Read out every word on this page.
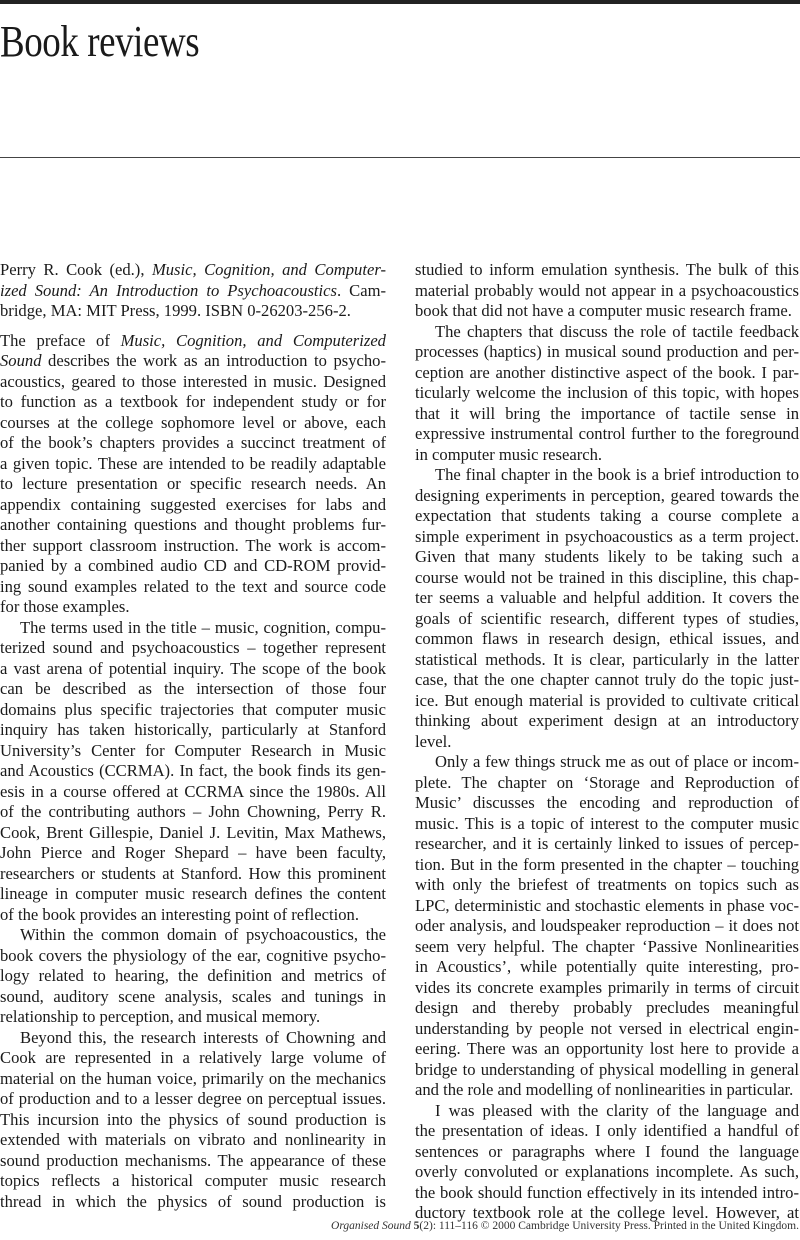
Book reviews
Perry R. Cook (ed.), Music, Cognition, and Computer-
ized Sound: An Introduction to Psychoacoustics. Cam-
bridge, MA: MIT Press, 1999. ISBN 0-26203-256-2.
The preface of Music, Cognition, and Computerized
Sound describes the work as an introduction to psycho-
acoustics, geared to those interested in music. Designed
to function as a textbook for independent study or for
courses at the college sophomore level or above, each
of the book’s chapters provides a succinct treatment of
a given topic. These are intended to be readily adaptable
to lecture presentation or specific research needs. An
appendix containing suggested exercises for labs and
another containing questions and thought problems fur-
ther support classroom instruction. The work is accom-
panied by a combined audio CD and CD-ROM provid-
ing sound examples related to the text and source code
for those examples.
The terms used in the title – music, cognition, compu-
terized sound and psychoacoustics – together represent
a vast arena of potential inquiry. The scope of the book
can be described as the intersection of those four
domains plus specific trajectories that computer music
inquiry has taken historically, particularly at Stanford
University’s Center for Computer Research in Music
and Acoustics (CCRMA). In fact, the book finds its gen-
esis in a course offered at CCRMA since the 1980s. All
of the contributing authors – John Chowning, Perry R.
Cook, Brent Gillespie, Daniel J. Levitin, Max Mathews,
John Pierce and Roger Shepard – have been faculty,
researchers or students at Stanford. How this prominent
lineage in computer music research defines the content
of the book provides an interesting point of reflection.
Within the common domain of psychoacoustics, the
book covers the physiology of the ear, cognitive psycho-
logy related to hearing, the definition and metrics of
sound, auditory scene analysis, scales and tunings in
relationship to perception, and musical memory.
Beyond this, the research interests of Chowning and
Cook are represented in a relatively large volume of
material on the human voice, primarily on the mechanics
of production and to a lesser degree on perceptual issues.
This incursion into the physics of sound production is
extended with materials on vibrato and nonlinearity in
sound production mechanisms. The appearance of these
topics reflects a historical computer music research
thread in which the physics of sound production is
studied to inform emulation synthesis. The bulk of this
material probably would not appear in a psychoacoustics
book that did not have a computer music research frame.
The chapters that discuss the role of tactile feedback
processes (haptics) in musical sound production and per-
ception are another distinctive aspect of the book. I par-
ticularly welcome the inclusion of this topic, with hopes
that it will bring the importance of tactile sense in
expressive instrumental control further to the foreground
in computer music research.
The final chapter in the book is a brief introduction to
designing experiments in perception, geared towards the
expectation that students taking a course complete a
simple experiment in psychoacoustics as a term project.
Given that many students likely to be taking such a
course would not be trained in this discipline, this chap-
ter seems a valuable and helpful addition. It covers the
goals of scientific research, different types of studies,
common flaws in research design, ethical issues, and
statistical methods. It is clear, particularly in the latter
case, that the one chapter cannot truly do the topic just-
ice. But enough material is provided to cultivate critical
thinking about experiment design at an introductory
level.
Only a few things struck me as out of place or incom-
plete. The chapter on ‘Storage and Reproduction of
Music’ discusses the encoding and reproduction of
music. This is a topic of interest to the computer music
researcher, and it is certainly linked to issues of percep-
tion. But in the form presented in the chapter – touching
with only the briefest of treatments on topics such as
LPC, deterministic and stochastic elements in phase voc-
oder analysis, and loudspeaker reproduction – it does not
seem very helpful. The chapter ‘Passive Nonlinearities
in Acoustics’, while potentially quite interesting, pro-
vides its concrete examples primarily in terms of circuit
design and thereby probably precludes meaningful
understanding by people not versed in electrical engin-
eering. There was an opportunity lost here to provide a
bridge to understanding of physical modelling in general
and the role and modelling of nonlinearities in particular.
I was pleased with the clarity of the language and
the presentation of ideas. I only identified a handful of
sentences or paragraphs where I found the language
overly convoluted or explanations incomplete. As such,
the book should function effectively in its intended intro-
ductory textbook role at the college level. However, at
Organised Sound 5(2): 111–116 © 2000 Cambridge University Press. Printed in the United Kingdom.
